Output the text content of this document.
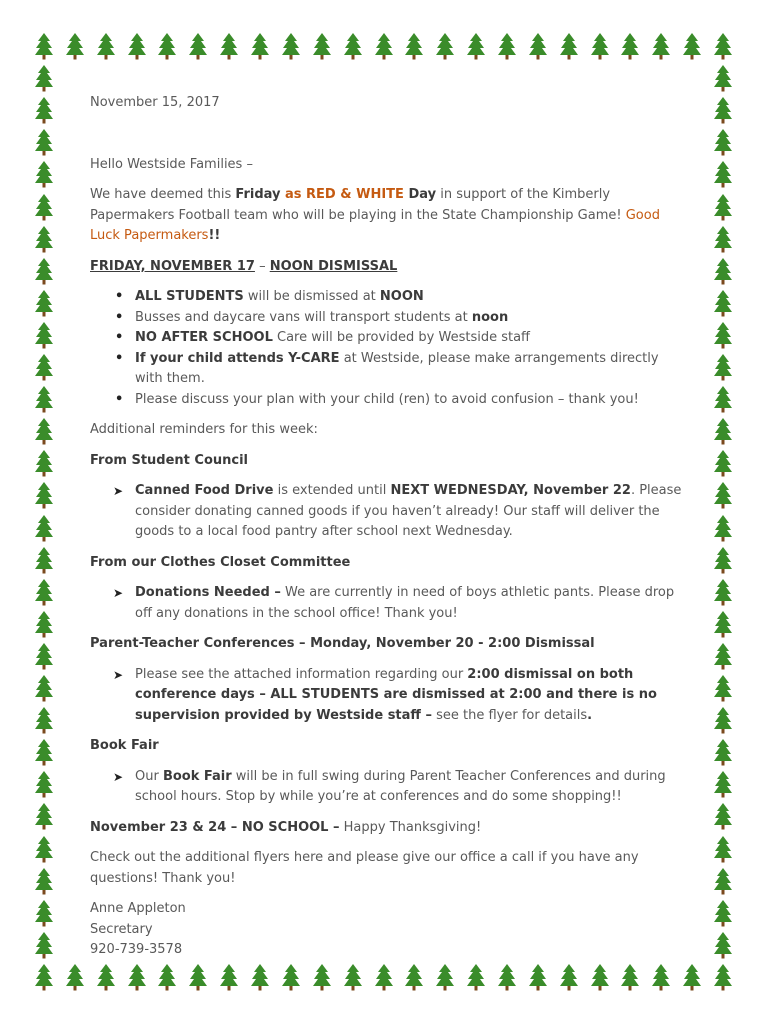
November 15, 2017

Hello Westside Families –

We have deemed this Friday as RED & WHITE Day in support of the Kimberly Papermakers Football team who will be playing in the State Championship Game! Good Luck Papermakers!!

FRIDAY, NOVEMBER 17 – NOON DISMISSAL

• ALL STUDENTS will be dismissed at NOON
• Busses and daycare vans will transport students at noon
• NO AFTER SCHOOL Care will be provided by Westside staff
• If your child attends Y-CARE at Westside, please make arrangements directly with them.
• Please discuss your plan with your child (ren) to avoid confusion – thank you!

Additional reminders for this week:

From Student Council

➤ Canned Food Drive is extended until NEXT WEDNESDAY, November 22. Please consider donating canned goods if you haven’t already! Our staff will deliver the goods to a local food pantry after school next Wednesday.

From our Clothes Closet Committee

➤ Donations Needed – We are currently in need of boys athletic pants. Please drop off any donations in the school office! Thank you!

Parent-Teacher Conferences – Monday, November 20 - 2:00 Dismissal

➤ Please see the attached information regarding our 2:00 dismissal on both conference days – ALL STUDENTS are dismissed at 2:00 and there is no supervision provided by Westside staff – see the flyer for details.

Book Fair

➤ Our Book Fair will be in full swing during Parent Teacher Conferences and during school hours. Stop by while you’re at conferences and do some shopping!!

November 23 & 24 – NO SCHOOL – Happy Thanksgiving!

Check out the additional flyers here and please give our office a call if you have any questions! Thank you!

Anne Appleton

Secretary

920-739-3578
